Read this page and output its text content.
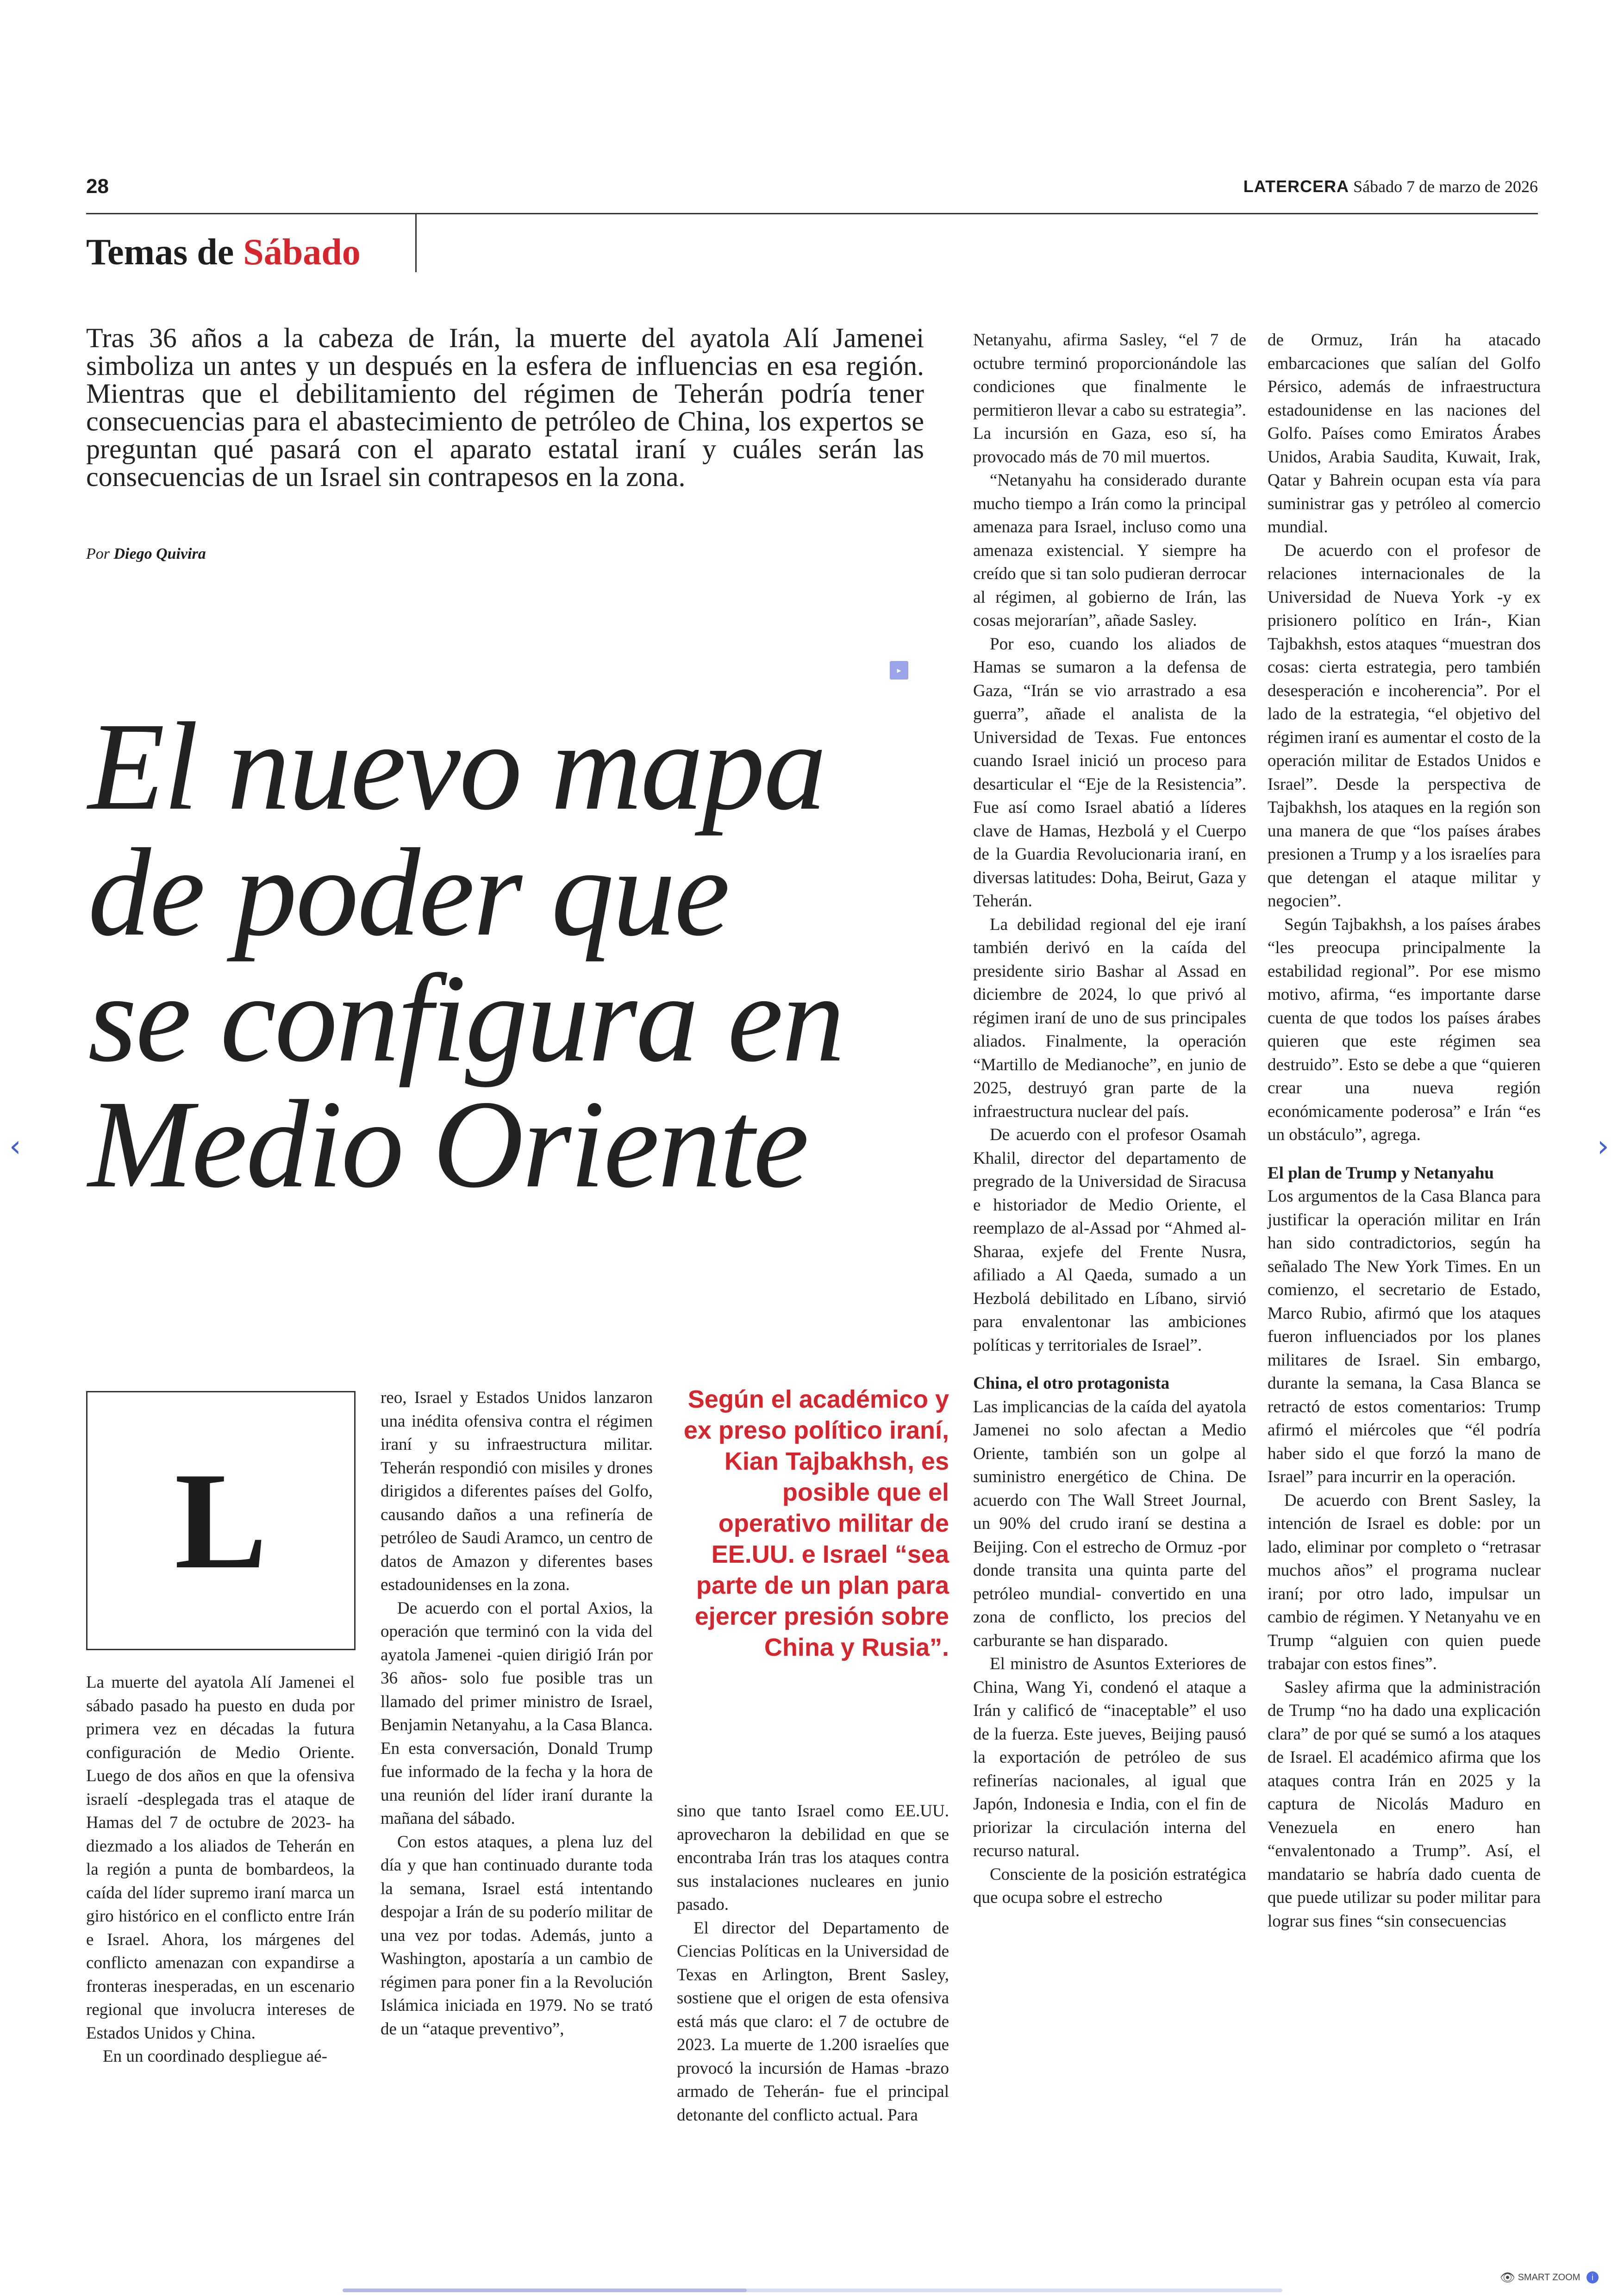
28	LATERCERA Sábado 7 de marzo de 2026
Temas de Sábado
Tras 36 años a la cabeza de Irán, la muerte del ayatola Alí Jamenei simboliza un antes y un después en la esfera de influencias en esa región. Mientras que el debilitamiento del régimen de Teherán podría tener consecuencias para el abastecimiento de petróleo de China, los expertos se preguntan qué pasará con el aparato estatal iraní y cuáles serán las consecuencias de un Israel sin contrapesos en la zona.
Por Diego Quivira
▸
El nuevo mapa
de poder que
se configura en
Medio Oriente
L

La muerte del ayatola Alí Jamenei el sábado pasado ha puesto en duda por primera vez en décadas la futura configuración de Medio Oriente. Luego de dos años en que la ofensiva israelí -desplegada tras el ataque de Hamas del 7 de octubre de 2023- ha diezmado a los aliados de Teherán en la región a punta de bombardeos, la caída del líder supremo iraní marca un giro histórico en el conflicto entre Irán e Israel. Ahora, los márgenes del conflicto amenazan con expandirse a fronteras inesperadas, en un escenario regional que involucra intereses de Estados Unidos y China.

En un coordinado despliegue aé-

reo, Israel y Estados Unidos lanzaron una inédita ofensiva contra el régimen iraní y su infraestructura militar. Teherán respondió con misiles y drones dirigidos a diferentes países del Golfo, causando daños a una refinería de petróleo de Saudi Aramco, un centro de datos de Amazon y diferentes bases estadounidenses en la zona.

De acuerdo con el portal Axios, la operación que terminó con la vida del ayatola Jamenei -quien dirigió Irán por 36 años- solo fue posible tras un llamado del primer ministro de Israel, Benjamin Netanyahu, a la Casa Blanca. En esta conversación, Donald Trump fue informado de la fecha y la hora de una reunión del líder iraní durante la mañana del sábado.

Con estos ataques, a plena luz del día y que han continuado durante toda la semana, Israel está intentando despojar a Irán de su poderío militar de una vez por todas. Además, junto a Washington, apostaría a un cambio de régimen para poner fin a la Revolución Islámica iniciada en 1979. No se trató de un “ataque preventivo”,

Según el académico y ex preso político iraní, Kian Tajbakhsh, es posible que el operativo militar de EE.UU. e Israel “sea parte de un plan para ejercer presión sobre China y Rusia”.

sino que tanto Israel como EE.UU. aprovecharon la debilidad en que se encontraba Irán tras los ataques contra sus instalaciones nucleares en junio pasado.

El director del Departamento de Ciencias Políticas en la Universidad de Texas en Arlington, Brent Sasley, sostiene que el origen de esta ofensiva está más que claro: el 7 de octubre de 2023. La muerte de 1.200 israelíes que provocó la incursión de Hamas -brazo armado de Teherán- fue el principal detonante del conflicto actual. Para

Netanyahu, afirma Sasley, “el 7 de octubre terminó proporcionándole las condiciones que finalmente le permitieron llevar a cabo su estrategia”. La incursión en Gaza, eso sí, ha provocado más de 70 mil muertos.

“Netanyahu ha considerado durante mucho tiempo a Irán como la principal amenaza para Israel, incluso como una amenaza existencial. Y siempre ha creído que si tan solo pudieran derrocar al régimen, al gobierno de Irán, las cosas mejorarían”, añade Sasley.

Por eso, cuando los aliados de Hamas se sumaron a la defensa de Gaza, “Irán se vio arrastrado a esa guerra”, añade el analista de la Universidad de Texas. Fue entonces cuando Israel inició un proceso para desarticular el “Eje de la Resistencia”. Fue así como Israel abatió a líderes clave de Hamas, Hezbolá y el Cuerpo de la Guardia Revolucionaria iraní, en diversas latitudes: Doha, Beirut, Gaza y Teherán.

La debilidad regional del eje iraní también derivó en la caída del presidente sirio Bashar al Assad en diciembre de 2024, lo que privó al régimen iraní de uno de sus principales aliados. Finalmente, la operación “Martillo de Medianoche”, en junio de 2025, destruyó gran parte de la infraestructura nuclear del país.

De acuerdo con el profesor Osamah Khalil, director del departamento de pregrado de la Universidad de Siracusa e historiador de Medio Oriente, el reemplazo de al-Assad por “Ahmed al-Sharaa, exjefe del Frente Nusra, afiliado a Al Qaeda, sumado a un Hezbolá debilitado en Líbano, sirvió para envalentonar las ambiciones políticas y territoriales de Israel”.

China, el otro protagonista

Las implicancias de la caída del ayatola Jamenei no solo afectan a Medio Oriente, también son un golpe al suministro energético de China. De acuerdo con The Wall Street Journal, un 90% del crudo iraní se destina a Beijing. Con el estrecho de Ormuz -por donde transita una quinta parte del petróleo mundial- convertido en una zona de conflicto, los precios del carburante se han disparado.

El ministro de Asuntos Exteriores de China, Wang Yi, condenó el ataque a Irán y calificó de “inaceptable” el uso de la fuerza. Este jueves, Beijing pausó la exportación de petróleo de sus refinerías nacionales, al igual que Japón, Indonesia e India, con el fin de priorizar la circulación interna del recurso natural.

Consciente de la posición estratégica que ocupa sobre el estrecho

de Ormuz, Irán ha atacado embarcaciones que salían del Golfo Pérsico, además de infraestructura estadounidense en las naciones del Golfo. Países como Emiratos Árabes Unidos, Arabia Saudita, Kuwait, Irak, Qatar y Bahrein ocupan esta vía para suministrar gas y petróleo al comercio mundial.

De acuerdo con el profesor de relaciones internacionales de la Universidad de Nueva York -y ex prisionero político en Irán-, Kian Tajbakhsh, estos ataques “muestran dos cosas: cierta estrategia, pero también desesperación e incoherencia”. Por el lado de la estrategia, “el objetivo del régimen iraní es aumentar el costo de la operación militar de Estados Unidos e Israel”. Desde la perspectiva de Tajbakhsh, los ataques en la región son una manera de que “los países árabes presionen a Trump y a los israelíes para que detengan el ataque militar y negocien”.

Según Tajbakhsh, a los países árabes “les preocupa principalmente la estabilidad regional”. Por ese mismo motivo, afirma, “es importante darse cuenta de que todos los países árabes quieren que este régimen sea destruido”. Esto se debe a que “quieren crear una nueva región económicamente poderosa” e Irán “es un obstáculo”, agrega.

El plan de Trump y Netanyahu

Los argumentos de la Casa Blanca para justificar la operación militar en Irán han sido contradictorios, según ha señalado The New York Times. En un comienzo, el secretario de Estado, Marco Rubio, afirmó que los ataques fueron influenciados por los planes militares de Israel. Sin embargo, durante la semana, la Casa Blanca se retractó de estos comentarios: Trump afirmó el miércoles que “él podría haber sido el que forzó la mano de Israel” para incurrir en la operación.

De acuerdo con Brent Sasley, la intención de Israel es doble: por un lado, eliminar por completo o “retrasar muchos años” el programa nuclear iraní; por otro lado, impulsar un cambio de régimen. Y Netanyahu ve en Trump “alguien con quien puede trabajar con estos fines”.

Sasley afirma que la administración de Trump “no ha dado una explicación clara” de por qué se sumó a los ataques de Israel. El académico afirma que los ataques contra Irán en 2025 y la captura de Nicolás Maduro en Venezuela en enero han “envalentonado a Trump”. Así, el mandatario se habría dado cuenta de que puede utilizar su poder militar para lograr sus fines “sin consecuencias

‹	›
👁 SMART ZOOM i
